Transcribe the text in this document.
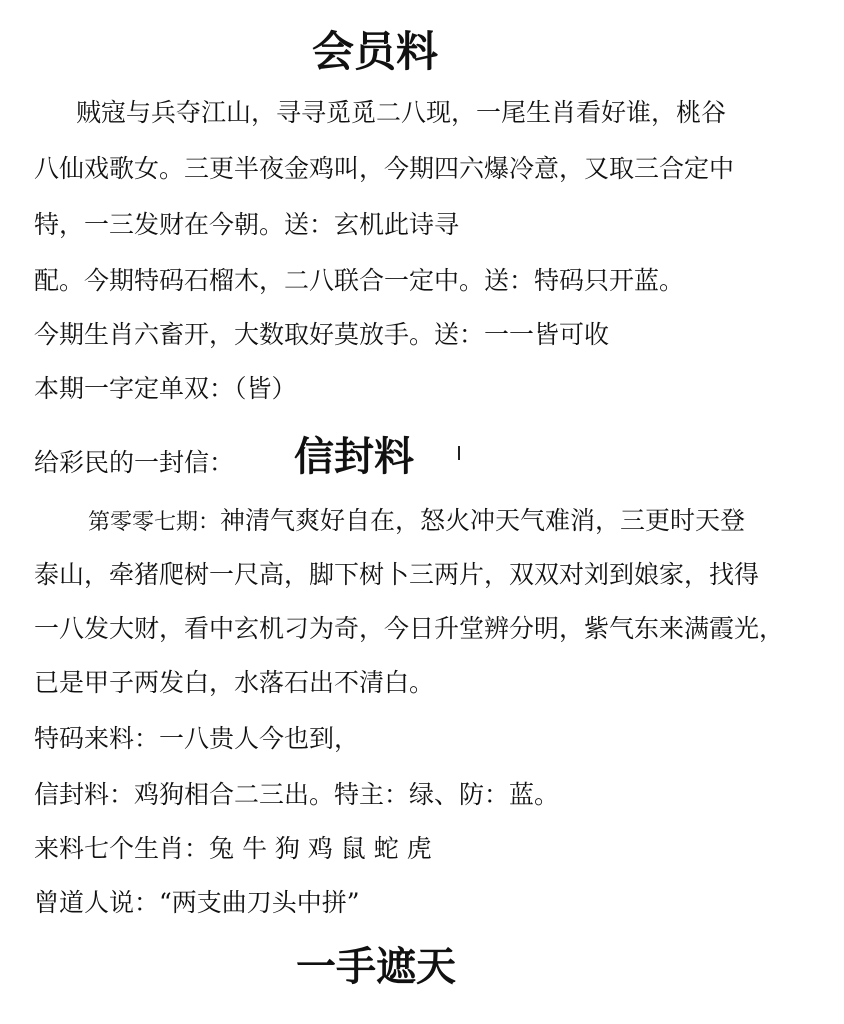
会员料
贼寇与兵夺江山，寻寻觅觅二八现，一尾生肖看好谁，桃谷
八仙戏歌女。三更半夜金鸡叫，今期四六爆冷意，又取三合定中
特，一三发财在今朝。送：玄机此诗寻
配。今期特码石榴木，二八联合一定中。送：特码只开蓝。
今期生肖六畜开，大数取好莫放手。送：一一皆可收
本期一字定单双：（皆）
给彩民的一封信： 信封料
第零零七期：神清气爽好自在，怒火冲天气难消，三更时天登
泰山，牵猪爬树一尺高，脚下树卜三两片，双双对刘到娘家，找得
一八发大财，看中玄机刁为奇，今日升堂辨分明，紫气东来满霞光，
已是甲子两发白，水落石出不清白。
特码来料：一八贵人今也到，
信封料：鸡狗相合二三出。特主：绿、防：蓝。
来料七个生肖：兔 牛 狗 鸡 鼠 蛇 虎
曾道人说：“两支曲刀头中拼”
一手遮天
